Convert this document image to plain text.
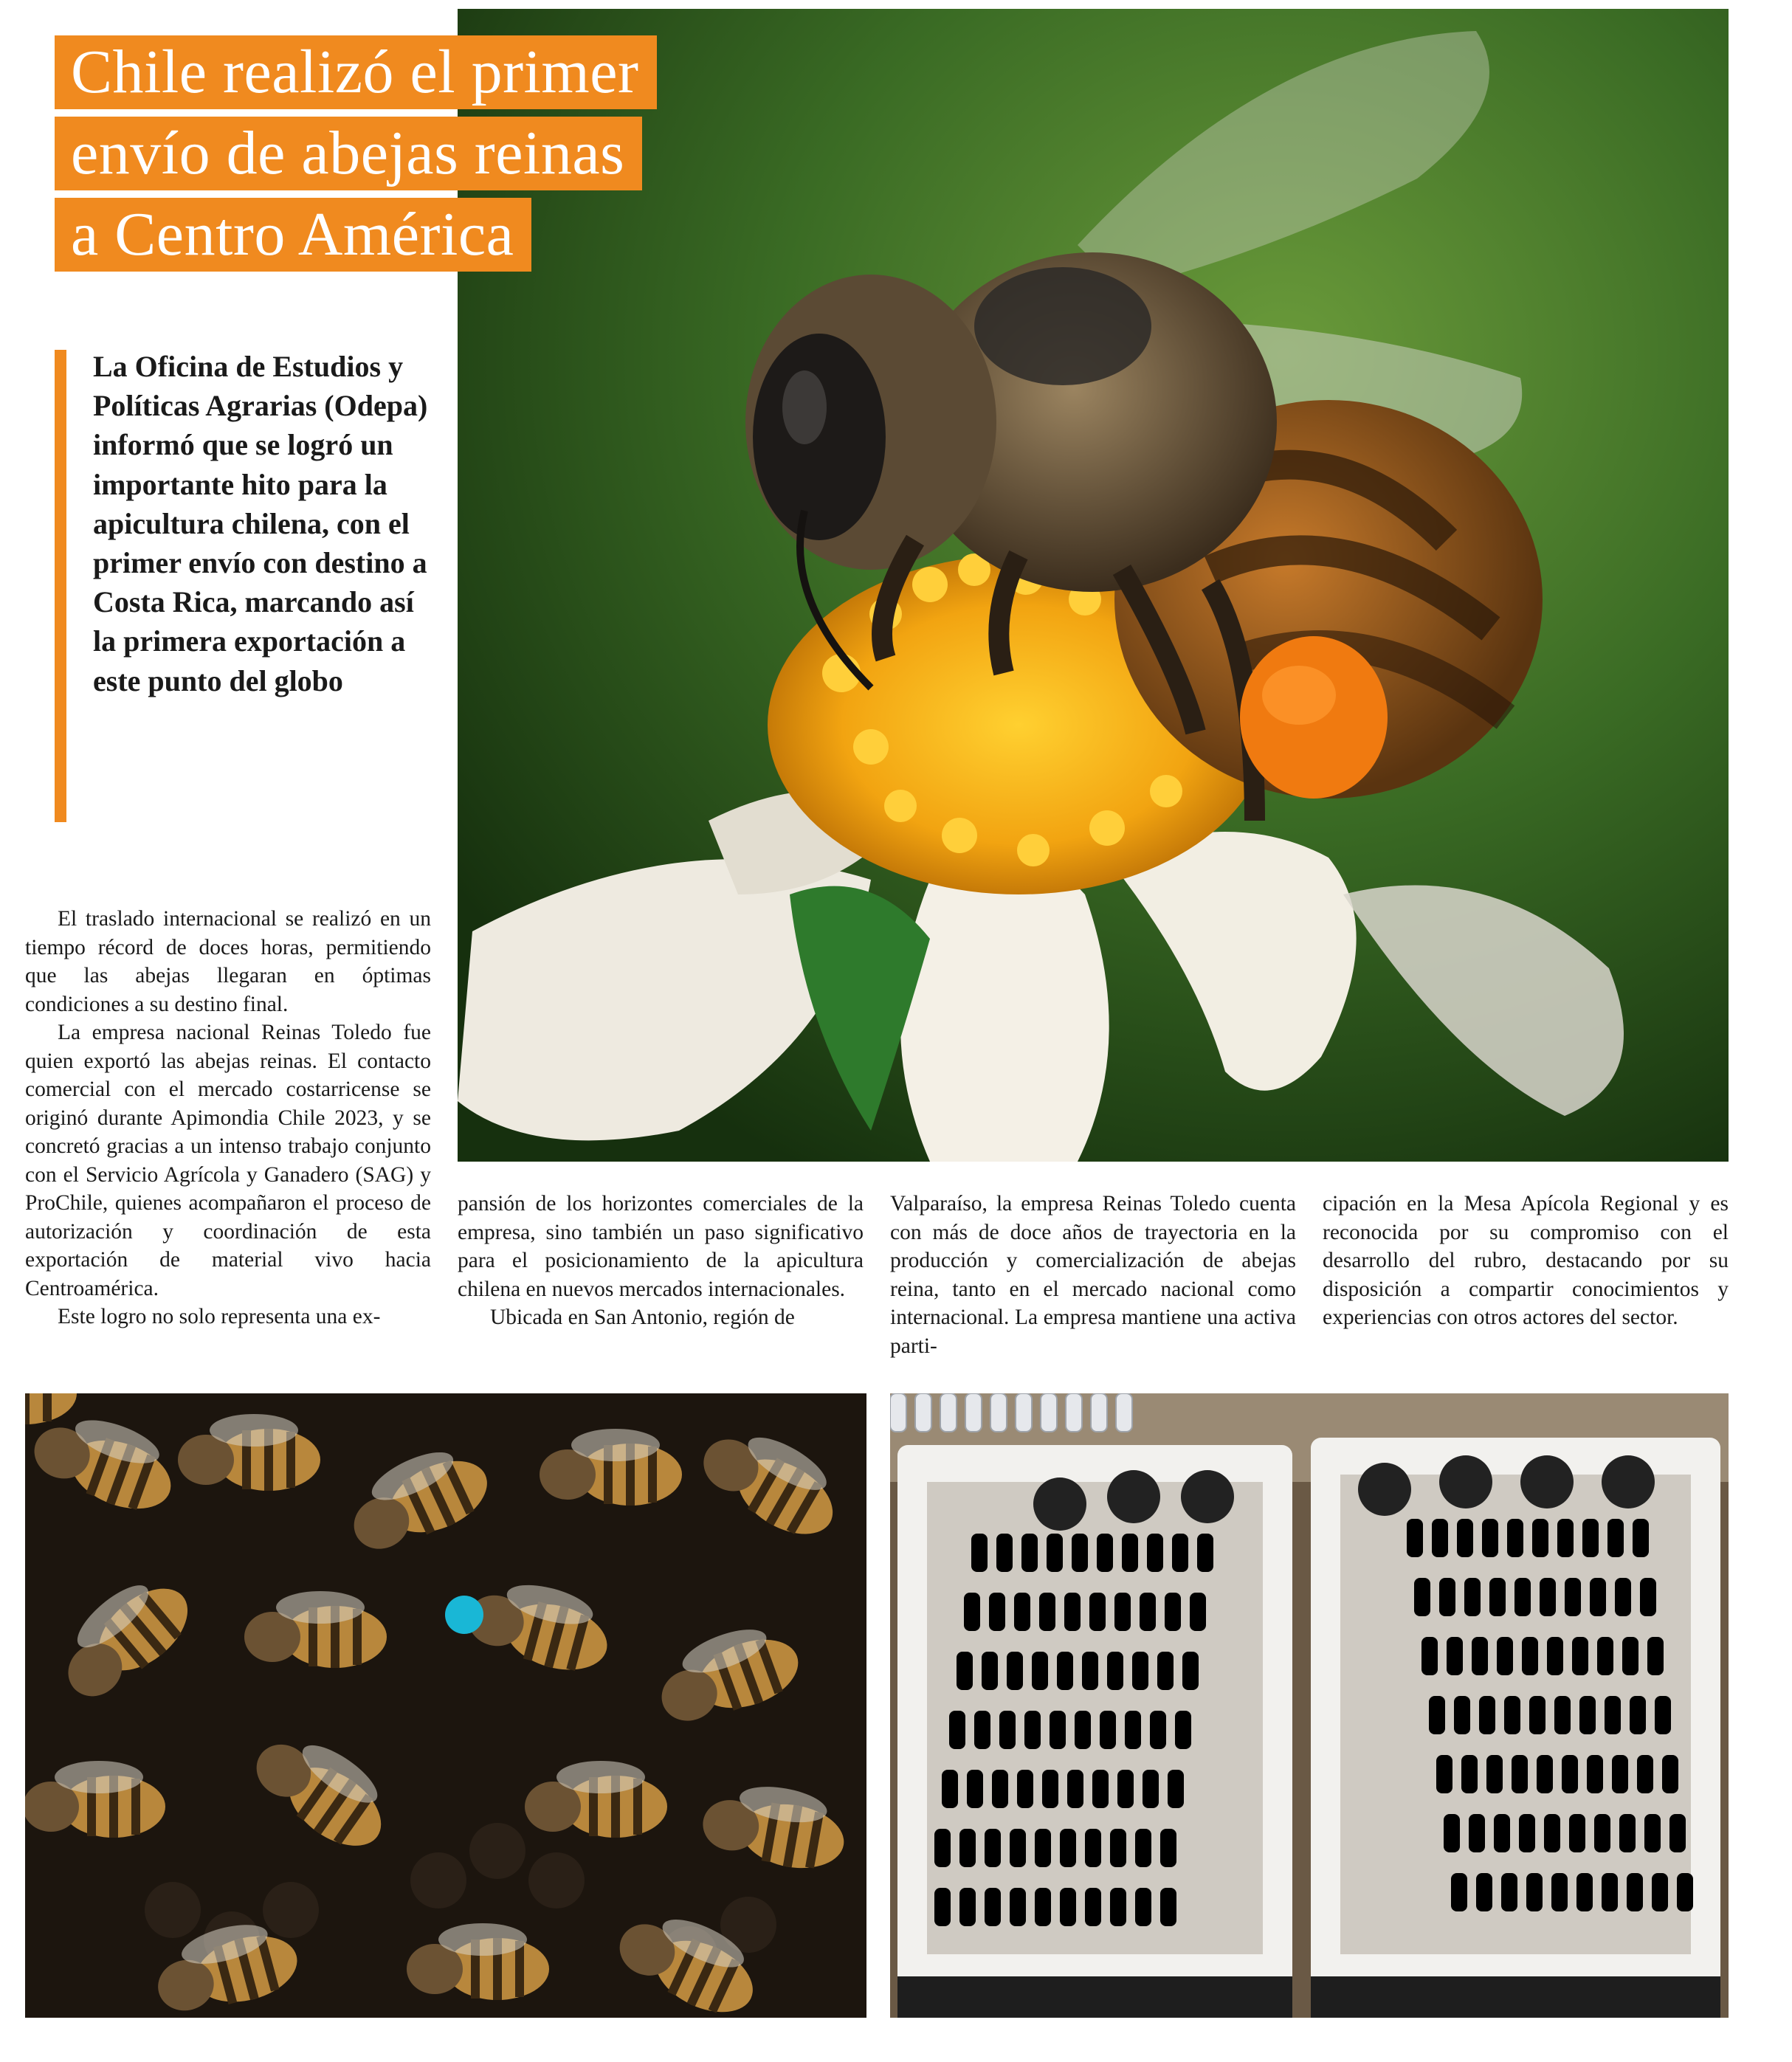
Chile realizó el primer
envío de abejas reinas
a Centro América
La Oficina de Estudios y Políticas Agrarias (Odepa) informó que se logró un importante hito para la apicultura chilena, con el primer envío con destino a Costa Rica, marcando así la primera exportación a este punto del globo

El traslado internacional se realizó en un tiempo récord de doces horas, permitiendo que las abejas llegaran en óptimas condiciones a su destino final.

La empresa nacional Reinas Toledo fue quien exportó las abejas reinas. El contacto comercial con el mercado costarricense se originó durante Apimondia Chile 2023, y se concretó gracias a un intenso trabajo conjunto con el Servicio Agrícola y Ganadero (SAG) y ProChile, quienes acompañaron el proceso de autorización y coordinación de esta exportación de material vivo hacia Centroamérica.

Este logro no solo representa una ex-

pansión de los horizontes comerciales de la empresa, sino también un paso significativo para el posicionamiento de la apicultura chilena en nuevos mercados internacionales.

Ubicada en San Antonio, región de

Valparaíso, la empresa Reinas Toledo cuenta con más de doce años de trayectoria en la producción y comercialización de abejas reina, tanto en el mercado nacional como internacional. La empresa mantiene una activa parti-

cipación en la Mesa Apícola Regional y es reconocida por su compromiso con el desarrollo del rubro, destacando por su disposición a compartir conocimientos y experiencias con otros actores del sector.
